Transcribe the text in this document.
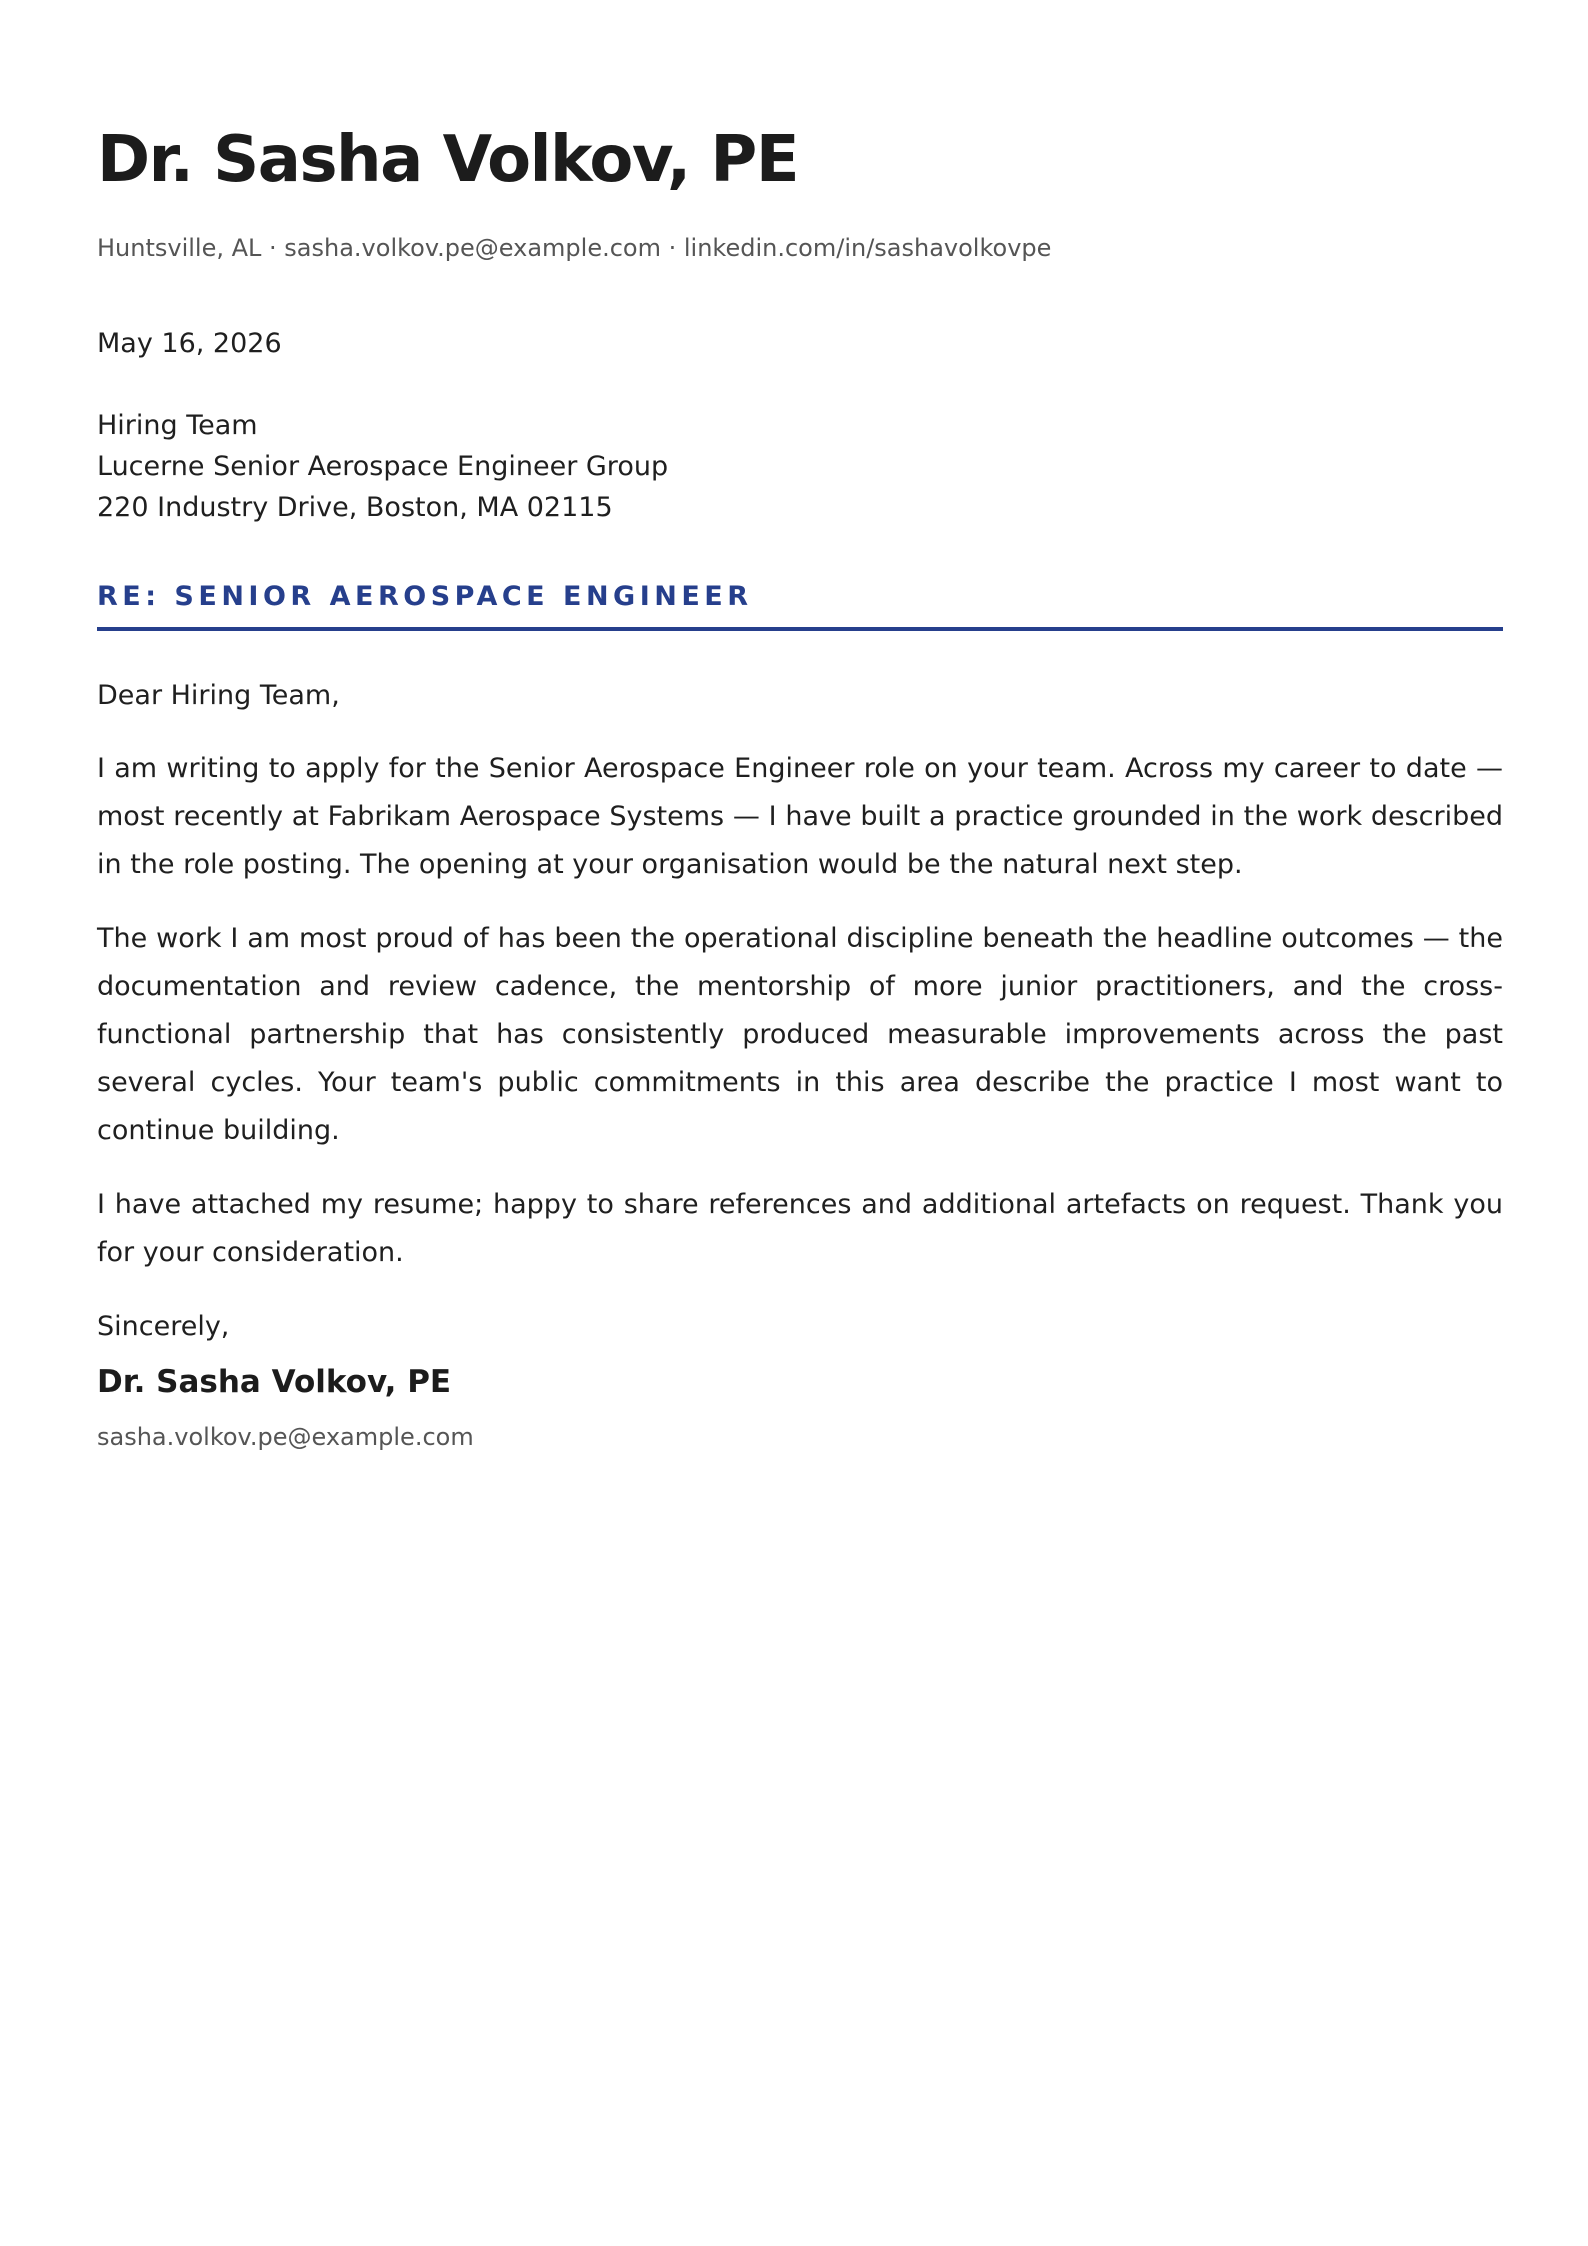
Dr. Sasha Volkov, PE
Huntsville, AL · sasha.volkov.pe@example.com · linkedin.com/in/sashavolkovpe
May 16, 2026
Hiring Team
Lucerne Senior Aerospace Engineer Group
220 Industry Drive, Boston, MA 02115
RE: SENIOR AEROSPACE ENGINEER

Dear Hiring Team,

I am writing to apply for the Senior Aerospace Engineer role on your team. Across my career to date — most recently at Fabrikam Aerospace Systems — I have built a practice grounded in the work described in the role posting. The opening at your organisation would be the natural next step.

The work I am most proud of has been the operational discipline beneath the headline outcomes — the documentation and review cadence, the mentorship of more junior practitioners, and the cross-functional partnership that has consistently produced measurable improvements across the past several cycles. Your team's public commitments in this area describe the practice I most want to continue building.

I have attached my resume; happy to share references and additional artefacts on request. Thank you for your consideration.

Sincerely,

Dr. Sasha Volkov, PE
sasha.volkov.pe@example.com
